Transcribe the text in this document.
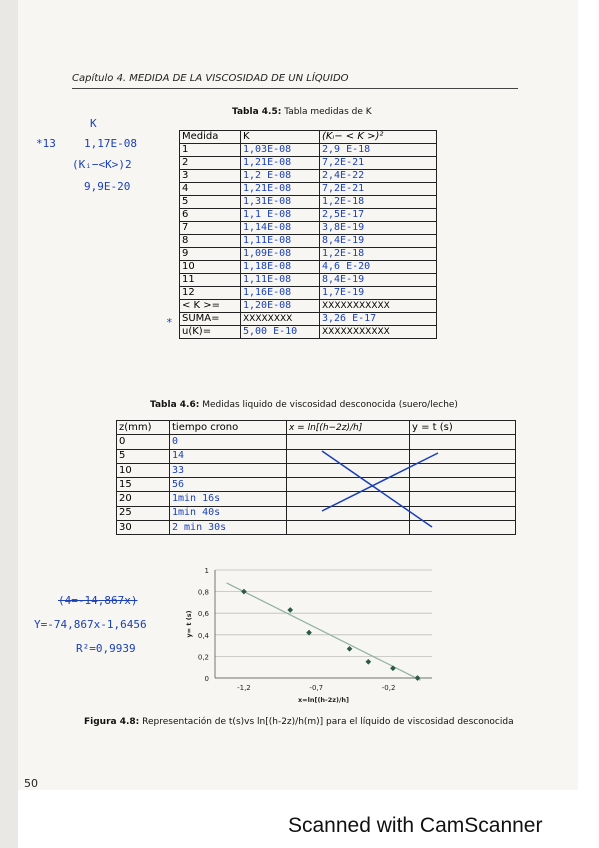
Capítulo 4. MEDIDA DE LA VISCOSIDAD DE UN LÍQUIDO
Tabla 4.5: Tabla medidas de K
Medida	K	(Kᵢ− < K >)²
1	1,03E-08	2,9 E-18
2	1,21E-08	7,2E-21
3	1,2 E-08	2,4E-22
4	1,21E-08	7,2E-21
5	1,31E-08	1,2E-18
6	1,1 E-08	2,5E-17
7	1,14E-08	3,8E-19
8	1,11E-08	8,4E-19
9	1,09E-08	1,2E-18
10	1,18E-08	4,6 E-20
11	1,11E-08	8,4E-19
12	1,16E-08	1,7E-19
< K >=	1,20E-08	XXXXXXXXXXX
SUMA=	XXXXXXXX	3,26 E-17
u(K)=	5,00 E-10	XXXXXXXXXXX
K
*13	1,17E-08
(Kᵢ−<K>)2
9,9E-20
*
Tabla 4.6: Medidas liquido de viscosidad desconocida (suero/leche)
z(mm)	tiempo crono	x = ln[(h−2z)/h]	y = t (s)
0	0		
5	14		
10	33		
15	56		
20	1min 16s		
25	1min 40s		
30	2 min 30s		
0
0,2
0,4
0,6
0,8
1
-1,2	-0,7	-0,2
x=ln[(h-2z)/h]
y= t (s)
(4=-14,867x)
Y=-74,867x-1,6456
R²=0,9939
Figura 4.8: Representación de t(s)vs ln[(h-2z)/h(m)] para el líquido de viscosidad desconocida
50
Scanned with CamScanner
